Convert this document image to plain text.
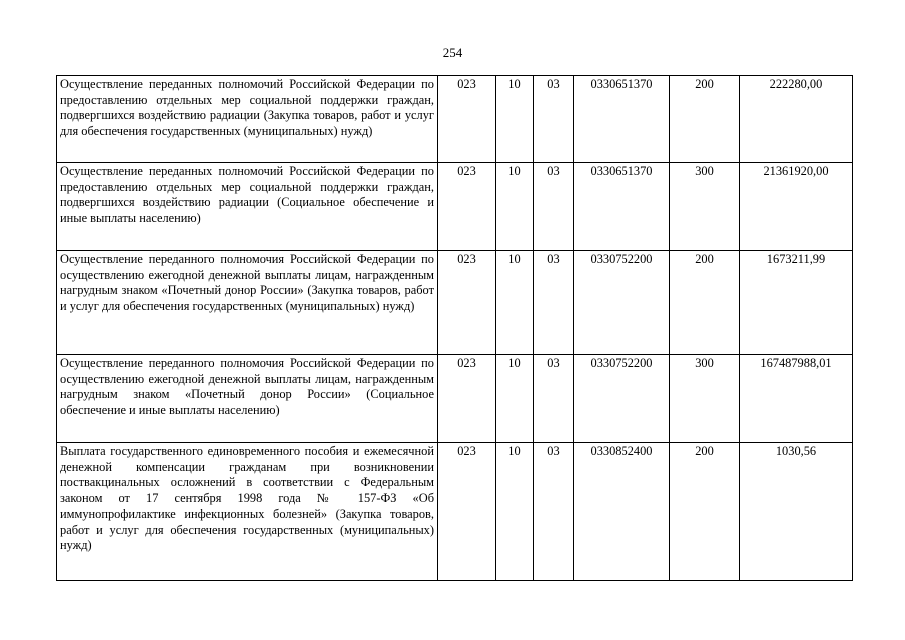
254
Осуществление переданных полномочий Российской Федерации по предоставлению отдельных мер социальной поддержки граждан, подвергшихся воздействию радиации (Закупка товаров, работ и услуг для обеспечения государственных (муниципальных) нужд)	023	10	03	0330651370	200	222280,00
Осуществление переданных полномочий Российской Федерации по предоставлению отдельных мер социальной поддержки граждан, подвергшихся воздействию радиации (Социальное обеспечение и иные выплаты населению)	023	10	03	0330651370	300	21361920,00
Осуществление переданного полномочия Российской Федерации по осуществлению ежегодной денежной выплаты лицам, награжденным нагрудным знаком «Почетный донор России» (Закупка товаров, работ и услуг для обеспечения государственных (муниципальных) нужд)	023	10	03	0330752200	200	1673211,99
Осуществление переданного полномочия Российской Федерации по осуществлению ежегодной денежной выплаты лицам, награжденным нагрудным знаком «Почетный донор России» (Социальное обеспечение и иные выплаты населению)	023	10	03	0330752200	300	167487988,01
Выплата государственного единовременного пособия и ежемесячной денежной компенсации гражданам при возникновении поствакцинальных осложнений в соответствии с Федеральным законом от 17 сентября 1998 года № 157-ФЗ «Об иммунопрофилактике инфекционных болезней» (Закупка товаров, работ и услуг для обеспечения государственных (муниципальных) нужд)	023	10	03	0330852400	200	1030,56
